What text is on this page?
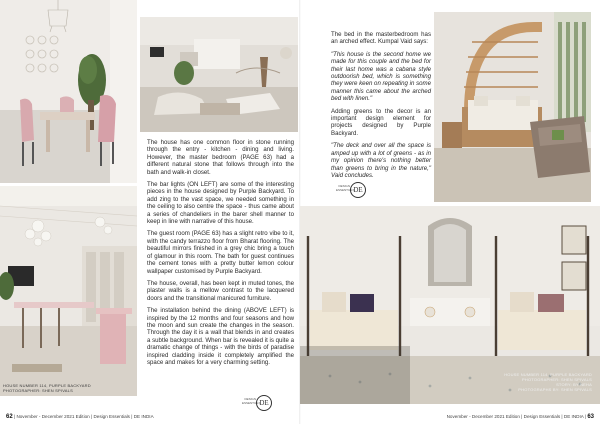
HOUSE NUMBER 114, PURPLE BACKYARD
PHOTOGRAPHER: SHEN SPIVALS

The house has one common floor in stone running through the entry - kitchen - dining and living. However, the master bedroom (PAGE 63) had a different natural stone that follows through into the bath and walk-in closet.

The bar lights (ON LEFT) are some of the interesting pieces in the house designed by Purple Backyard. To add zing to the vast space, we needed something in the ceiling to also centre the space - thus came about a series of chandeliers in the barer shell manner to keep in line with narrative of this house.

The guest room (PAGE 63) has a slight retro vibe to it, with the candy terrazzo floor from Bharat flooring. The beautiful mirrors finished in a grey chic bring a touch of glamour in this room. The bath for guest continues the cement tones with a pretty butter lemon colour wallpaper customised by Purple Backyard.

The house, overall, has been kept in muted tones, the plaster walls is a mellow contrast to the lacquered doors and the transitional manicured furniture.

The installation behind the dining (ABOVE LEFT) is inspired by the 12 months and four seasons and how the moon and sun create the changes in the season. Through the day it is a wall that blends in and creates a subtle background. When bar is revealed it is quite a dramatic change of things - with the birds of paradise inspired cladding inside it completely amplified the space and makes for a very charming setting.

DESIGN
ESSENTIALS
DE
62 | November - December 2021 Edition | Design Essentials | DE INDIA

The bed in the masterbedroom has an arched effect. Kumpal Vaid says:

"This house is the second home we made for this couple and the bed for their last home was a cabana style outdoorish bed, which is something they were keen on repeating in some manner this came about the arched bed with linen."

Adding greens to the decor is an important design element for projects designed by Purple Backyard.

"The deck and over all the space is amped up with a lot of greens - as in my opinion there's nothing better than greens to bring in the nature," Vaid concludes.

DESIGN
ESSENTIALS
DE
HOUSE NUMBER 114, PURPLE BACKYARD
PHOTOGRAPHER: SHEN SPIVALS
STORY: BY NEHA
PHOTOGRAPHS BY: SHEN SPIVALS
November - December 2021 Edition | Design Essentials | DE INDIA | 63
